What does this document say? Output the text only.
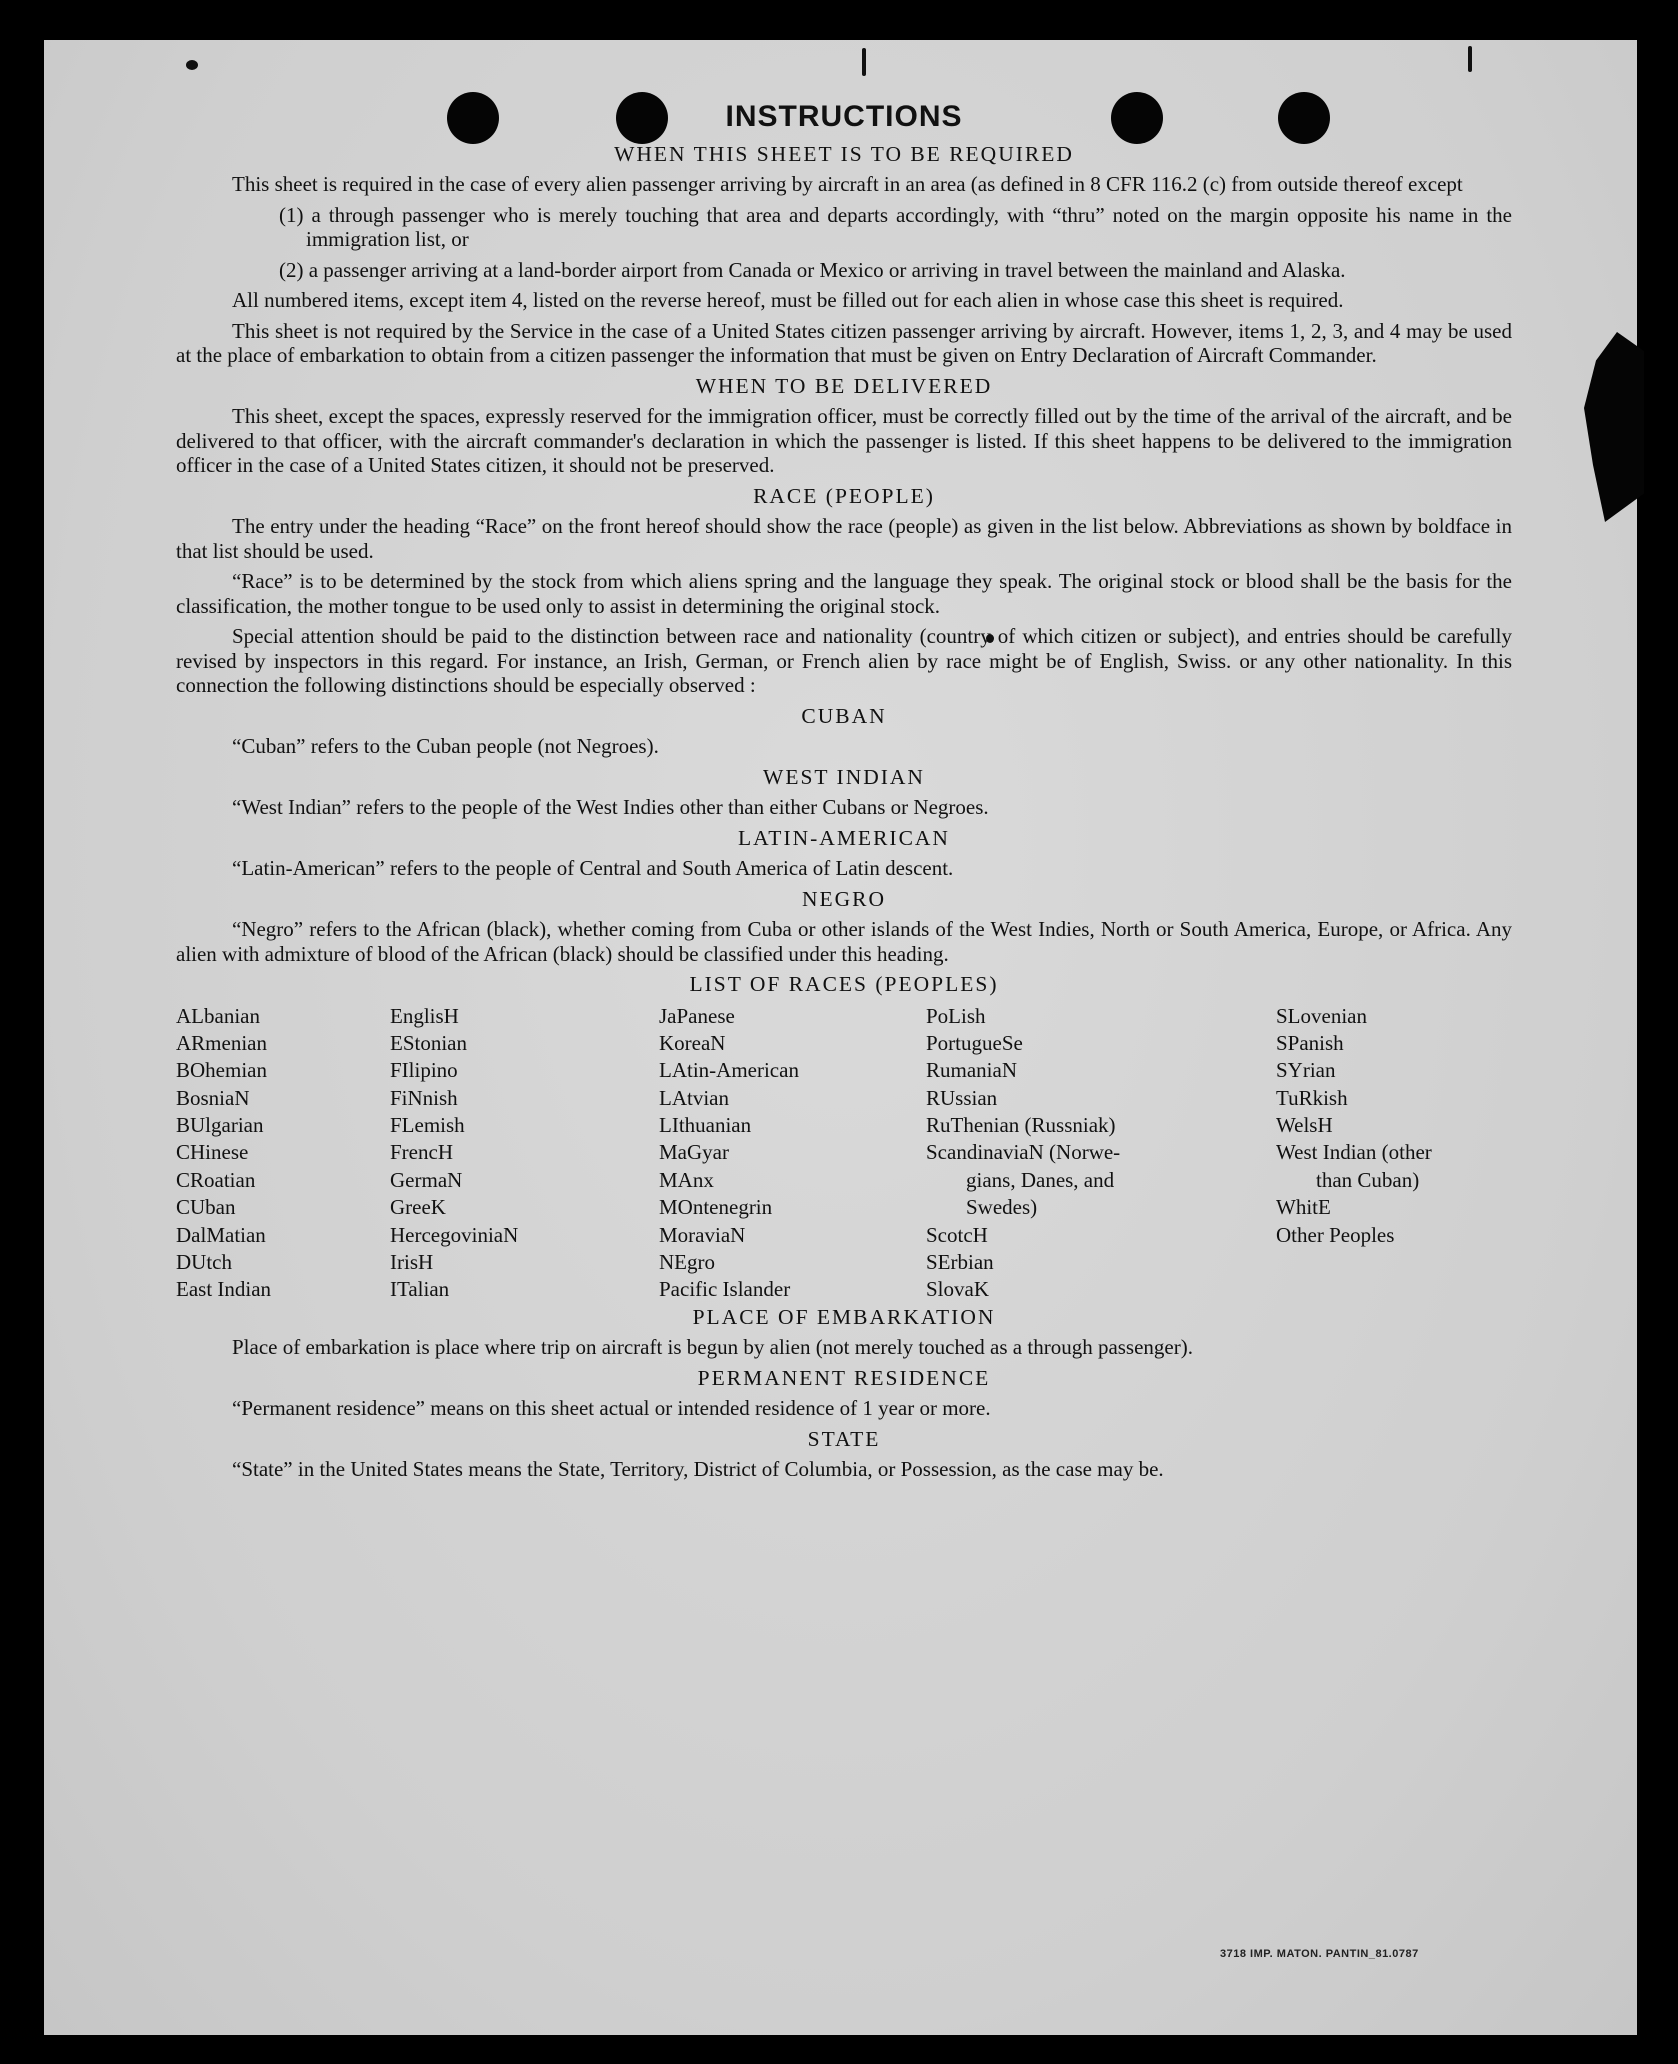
INSTRUCTIONS
WHEN THIS SHEET IS TO BE REQUIRED

This sheet is required in the case of every alien passenger arriving by aircraft in an area (as defined in 8 CFR 116.2 (c) from outside thereof except

(1) a through passenger who is merely touching that area and departs accordingly, with “thru” noted on the margin opposite his name in the immigration list, or

(2) a passenger arriving at a land-border airport from Canada or Mexico or arriving in travel between the mainland and Alaska.

All numbered items, except item 4, listed on the reverse hereof, must be filled out for each alien in whose case this sheet is required.

This sheet is not required by the Service in the case of a United States citizen passenger arriving by aircraft. However, items 1, 2, 3, and 4 may be used at the place of embarkation to obtain from a citizen passenger the information that must be given on Entry Declaration of Aircraft Commander.

WHEN TO BE DELIVERED

This sheet, except the spaces, expressly reserved for the immigration officer, must be correctly filled out by the time of the arrival of the aircraft, and be delivered to that officer, with the aircraft commander's declaration in which the passenger is listed. If this sheet happens to be delivered to the immigration officer in the case of a United States citizen, it should not be preserved.

RACE (PEOPLE)

The entry under the heading “Race” on the front hereof should show the race (people) as given in the list below. Abbreviations as shown by boldface in that list should be used.

“Race” is to be determined by the stock from which aliens spring and the language they speak. The original stock or blood shall be the basis for the classification, the mother tongue to be used only to assist in determining the original stock.

Special attention should be paid to the distinction between race and nationality (country of which citizen or subject), and entries should be carefully revised by inspectors in this regard. For instance, an Irish, German, or French alien by race might be of English, Swiss. or any other nationality. In this connection the following distinctions should be especially observed :

CUBAN

“Cuban” refers to the Cuban people (not Negroes).

WEST INDIAN

“West Indian” refers to the people of the West Indies other than either Cubans or Negroes.

LATIN-AMERICAN

“Latin-American” refers to the people of Central and South America of Latin descent.

NEGRO

“Negro” refers to the African (black), whether coming from Cuba or other islands of the West Indies, North or South America, Europe, or Africa. Any alien with admixture of blood of the African (black) should be classified under this heading.

LIST OF RACES (PEOPLES)
ALbanian
ARmenian
BOhemian
BosniaN
BUlgarian
CHinese
CRoatian
CUban
DalMatian
DUtch
East Indian
EnglisH
EStonian
FIlipino
FiNnish
FLemish
FrencH
GermaN
GreeK
HercegoviniaN
IrisH
ITalian
JaPanese
KoreaN
LAtin-American
LAtvian
LIthuanian
MaGyar
MAnx
MOntenegrin
MoraviaN
NEgro
Pacific Islander
PoLish
PortugueSe
RumaniaN
RUssian
RuThenian (Russniak)
ScandinaviaN (Norwe-
gians, Danes, and
Swedes)
ScotcH
SErbian
SlovaK
SLovenian
SPanish
SYrian
TuRkish
WelsH
West Indian (other
than Cuban)
WhitE
Other Peoples
PLACE OF EMBARKATION

Place of embarkation is place where trip on aircraft is begun by alien (not merely touched as a through passenger).

PERMANENT RESIDENCE

“Permanent residence” means on this sheet actual or intended residence of 1 year or more.

STATE

“State” in the United States means the State, Territory, District of Columbia, or Possession, as the case may be.

3718 IMP. MATON. PANTIN_81.0787
